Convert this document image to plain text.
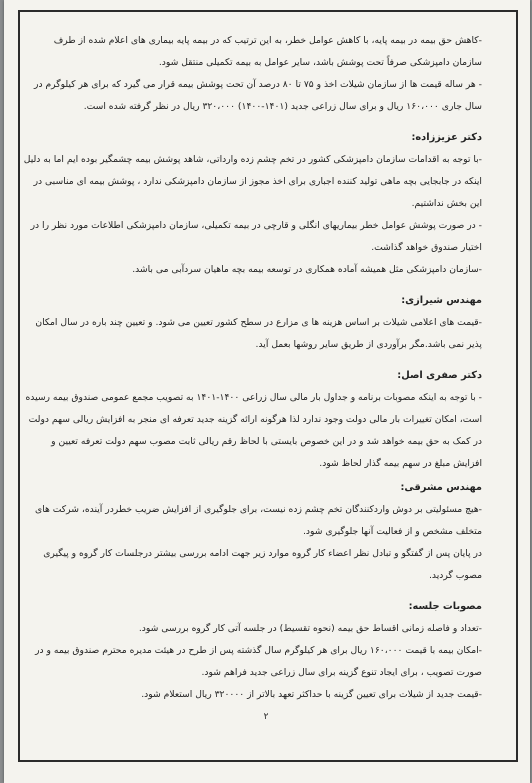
-کاهش حق بیمه در بیمه پایه، با کاهش عوامل خطر، به این ترتیب که در بیمه پایه بیماری های اعلام شده از طرف سازمان دامپزشکی صرفاً تحت پوشش باشد، سایر عوامل به بیمه تکمیلی منتقل شود.

- هر ساله قیمت ها از سازمان شیلات اخذ و ۷۵ تا ۸۰ درصد آن تحت پوشش بیمه قرار می گیرد که برای هر کیلوگرم در سال جاری ۱۶۰،۰۰۰ ریال و برای سال زراعی جدید (۱۴۰۱-۱۴۰۰) ۳۲۰،۰۰۰ ریال در نظر گرفته شده است.

دکتر عزیززاده:

-با توجه به اقدامات سازمان دامپزشکی کشور در تخم چشم زده وارداتی، شاهد پوشش بیمه چشمگیر بوده ایم اما به دلیل اینکه در جابجایی بچه ماهی تولید کننده اجباری برای اخذ مجوز از سازمان دامپزشکی ندارد ، پوشش بیمه ای مناسبی در این بخش نداشتیم.

- در صورت پوشش عوامل خطر بیماریهای انگلی و قارچی در بیمه تکمیلی، سازمان دامپزشکی اطلاعات مورد نظر را در اختیار صندوق خواهد گذاشت.

-سازمان دامپزشکی مثل همیشه آماده همکاری در توسعه بیمه بچه ماهیان سردآبی می باشد.

مهندس شیرازی:

-قیمت های اعلامی شیلات بر اساس هزینه ها ی مزارع در سطح کشور تعیین می شود. و تعیین چند باره در سال امکان پذیر نمی باشد.مگر برآوردی از طریق سایر روشها بعمل آید.

دکتر صفری اصل:

- با توجه به اینکه مصوبات برنامه و جداول بار مالی سال زراعی ۱۴۰۰-۱۴۰۱ به تصویب مجمع عمومی صندوق بیمه رسیده است، امکان تغییرات بار مالی دولت وجود ندارد لذا هرگونه ارائه گزینه جدید تعرفه ای منجر به افزایش ریالی سهم دولت در کمک به حق بیمه خواهد شد و در این خصوص بایستی با لحاظ رقم ریالی ثابت مصوب سهم دولت تعرفه تعیین و افزایش مبلغ در سهم بیمه گذار لحاظ شود.

مهندس مشرقی:

-هیچ مسئولیتی بر دوش واردکنندگان تخم چشم زده نیست، برای جلوگیری از افزایش ضریب خطردر آینده، شرکت های متخلف مشخص و از فعالیت آنها جلوگیری شود.

در پایان پس از گفتگو و تبادل نظر اعضاء کار گروه موارد زیر جهت ادامه بررسی بیشتر درجلسات کار گروه و پیگیری مصوب گردید.

مصوبات جلسه:

-تعداد و فاصله زمانی اقساط حق بیمه (نحوه تقسیط) در جلسه آتی کار گروه بررسی شود.

-امکان بیمه با قیمت ۱۶۰،۰۰۰ ریال برای هر کیلوگرم سال گذشته پس از طرح در هیئت مدیره محترم صندوق بیمه و در صورت تصویب ، برای ایجاد تنوع گزینه برای سال زراعی جدید فراهم شود.

-قیمت جدید از شیلات برای تعیین گزینه با حداکثر تعهد بالاتر از ۳۲۰۰۰۰ ریال استعلام شود.

۲
